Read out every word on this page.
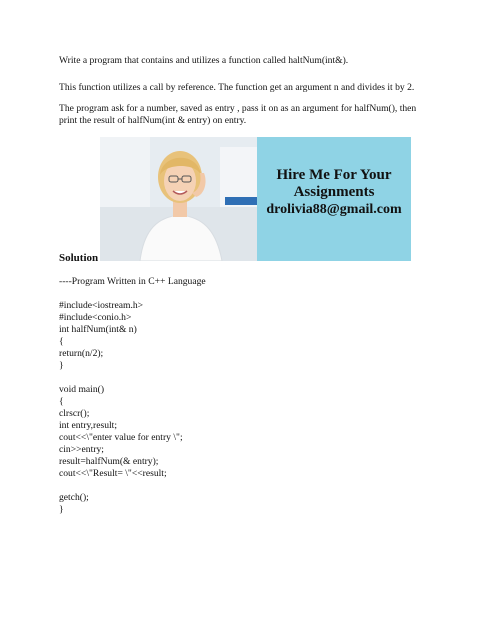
Write a program that contains and utilizes a function called haltNum(int&).

This function utilizes a call by reference. The function get an argument n and divides it by 2.

The program ask for a number, saved as entry , pass it on as an argument for halfNum(), then
print the result of halfNum(int & entry) on entry.

Hire Me For Your
Assignments
drolivia88@gmail.com

Solution

----Program Written in C++ Language

#include<iostream.h>
#include<conio.h>
int halfNum(int& n)
{
return(n/2);
}

void main()
{
clrscr();
int entry,result;
cout<<\"enter value for entry \";
cin>>entry;
result=halfNum(& entry);
cout<<\"Result= \"<<result;

getch();
}
